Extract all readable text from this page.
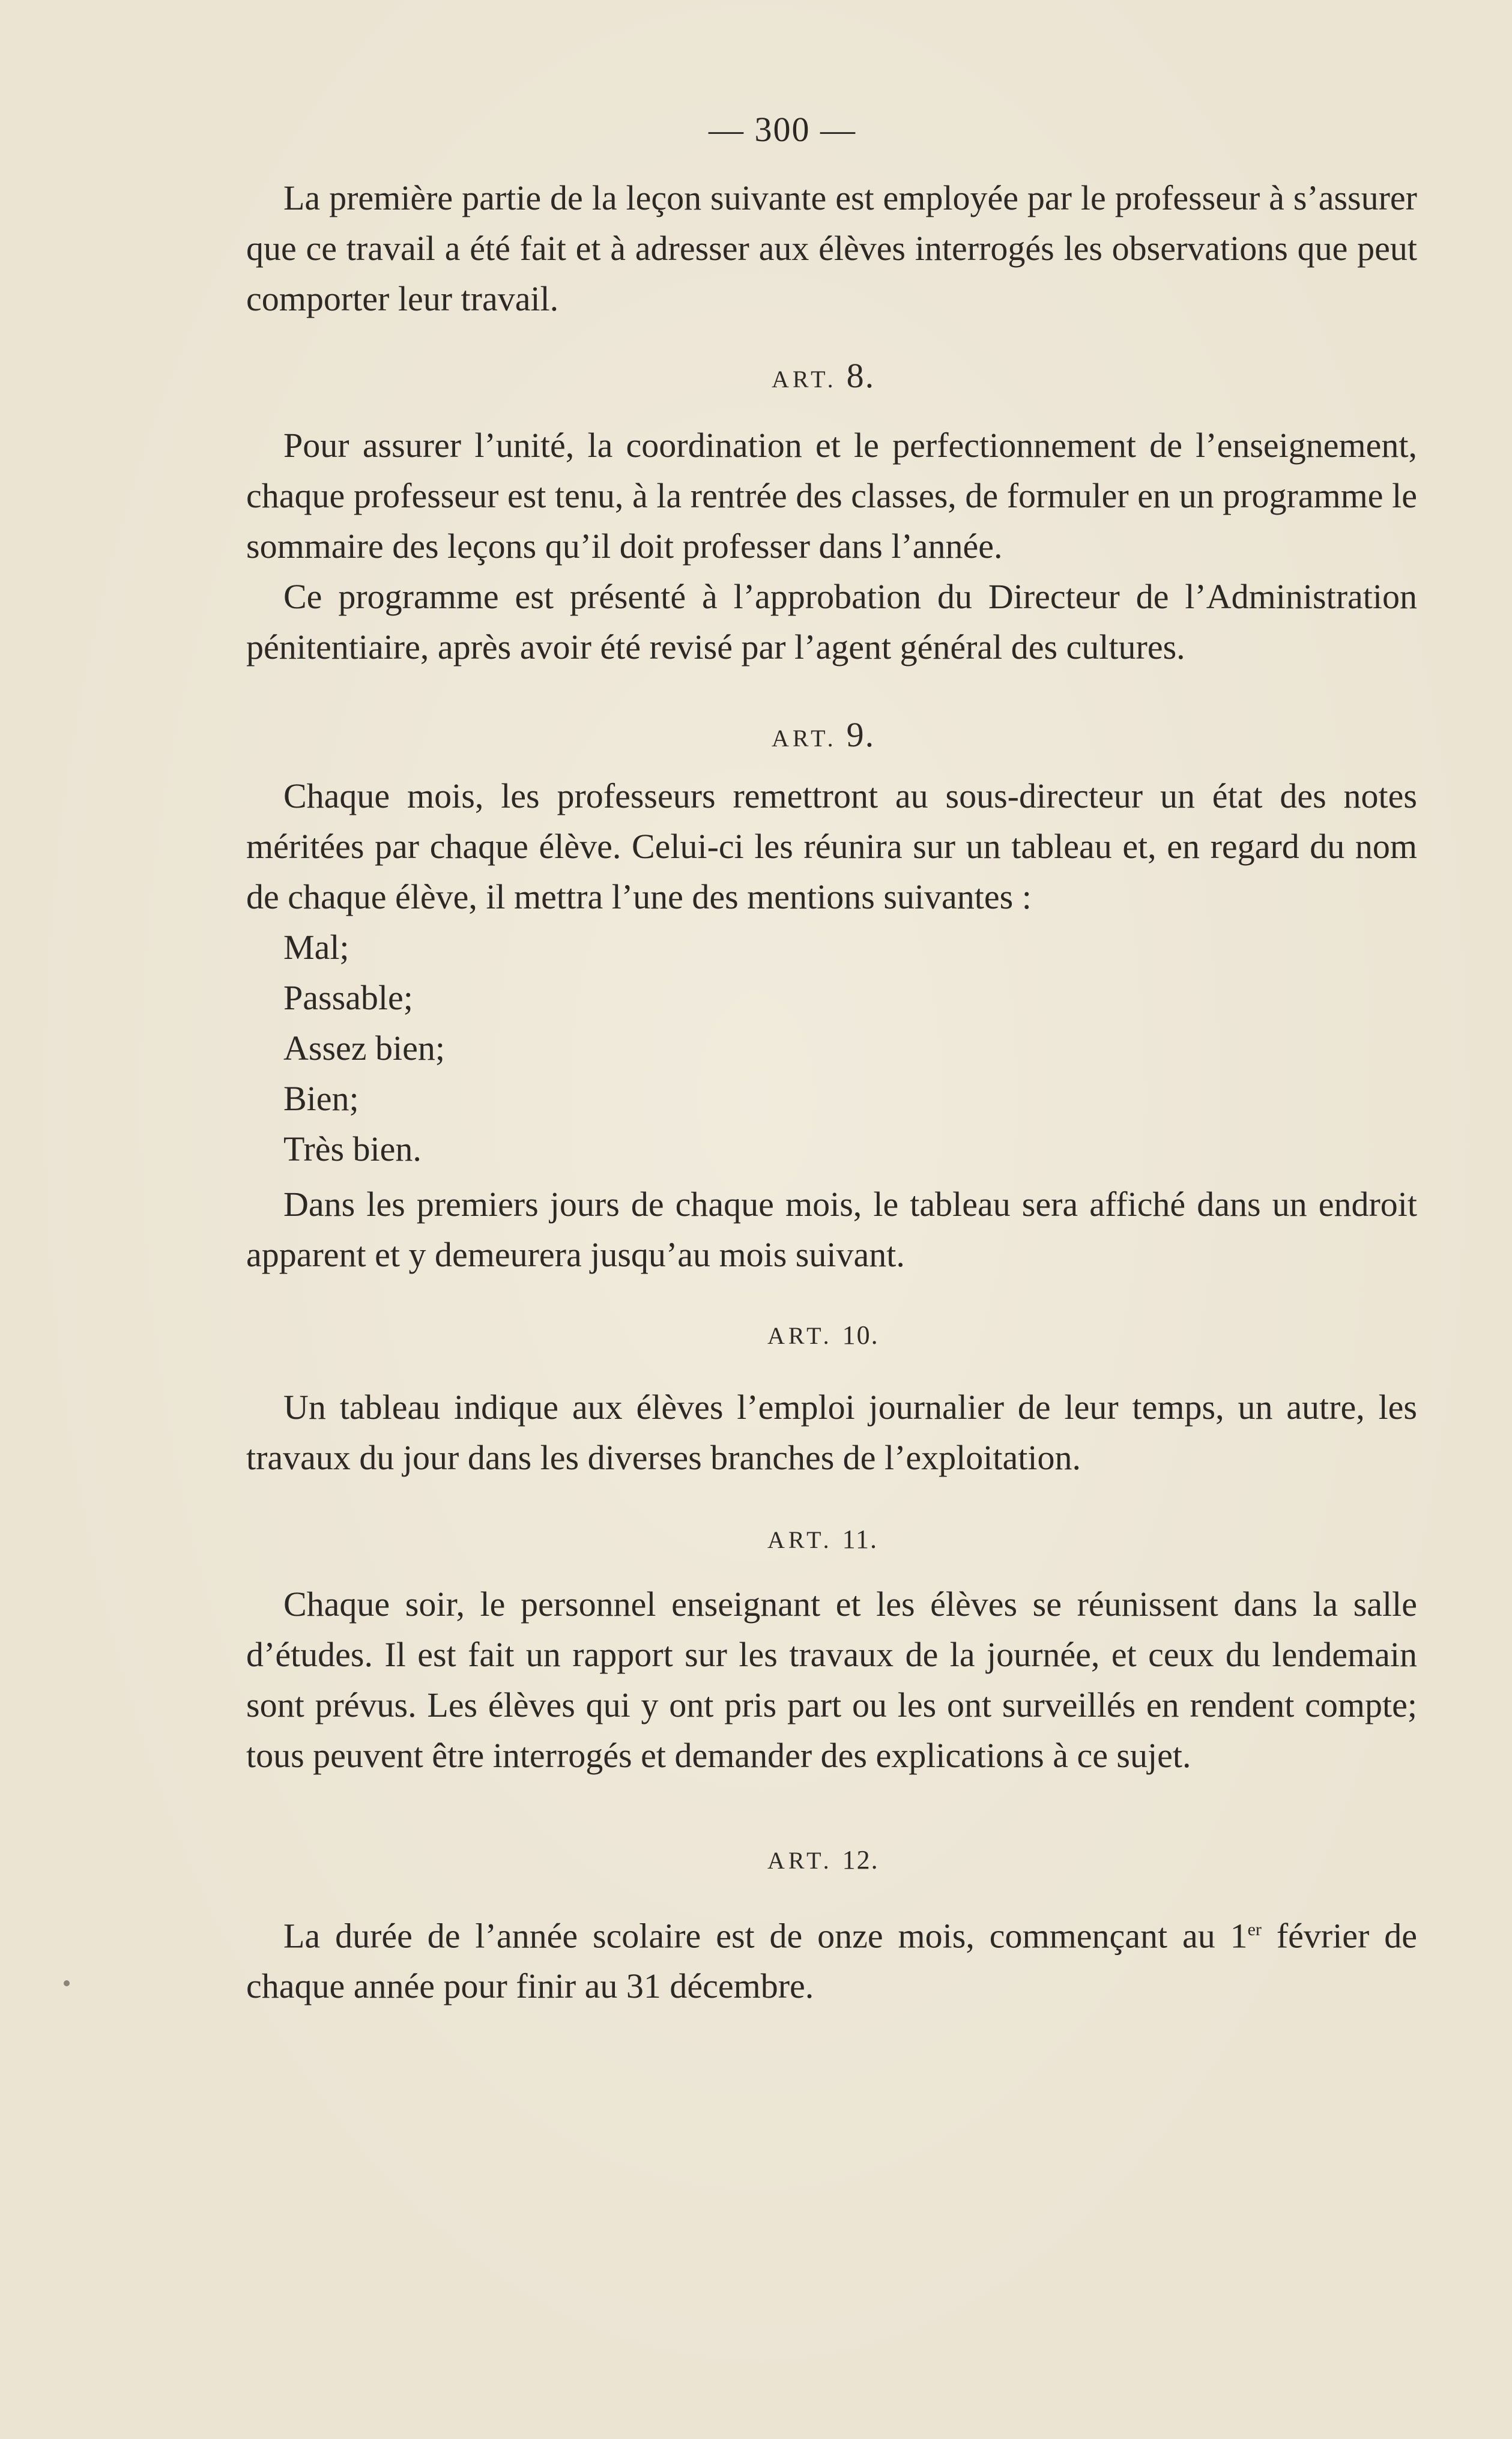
— 300 —

La première partie de la leçon suivante est employée par le professeur à s’assurer que ce travail a été fait et à adresser aux élèves interrogés les observations que peut comporter leur travail.

ART. 8.

Pour assurer l’unité, la coordination et le perfectionnement de l’enseignement, chaque professeur est tenu, à la rentrée des classes, de formuler en un programme le sommaire des leçons qu’il doit professer dans l’année.

Ce programme est présenté à l’approbation du Directeur de l’Administration pénitentiaire, après avoir été revisé par l’agent général des cultures.

ART. 9.

Chaque mois, les professeurs remettront au sous-directeur un état des notes méritées par chaque élève. Celui-ci les réunira sur un tableau et, en regard du nom de chaque élève, il mettra l’une des mentions suivantes :

Mal;
Passable;
Assez bien;
Bien;
Très bien.

Dans les premiers jours de chaque mois, le tableau sera affiché dans un endroit apparent et y demeurera jusqu’au mois suivant.

ART. 10.

Un tableau indique aux élèves l’emploi journalier de leur temps, un autre, les travaux du jour dans les diverses branches de l’exploitation.

ART. 11.

Chaque soir, le personnel enseignant et les élèves se réunissent dans la salle d’études. Il est fait un rapport sur les travaux de la journée, et ceux du lendemain sont prévus. Les élèves qui y ont pris part ou les ont surveillés en rendent compte; tous peuvent être interrogés et demander des explications à ce sujet.

ART. 12.

La durée de l’année scolaire est de onze mois, commençant au 1er février de chaque année pour finir au 31 décembre.
